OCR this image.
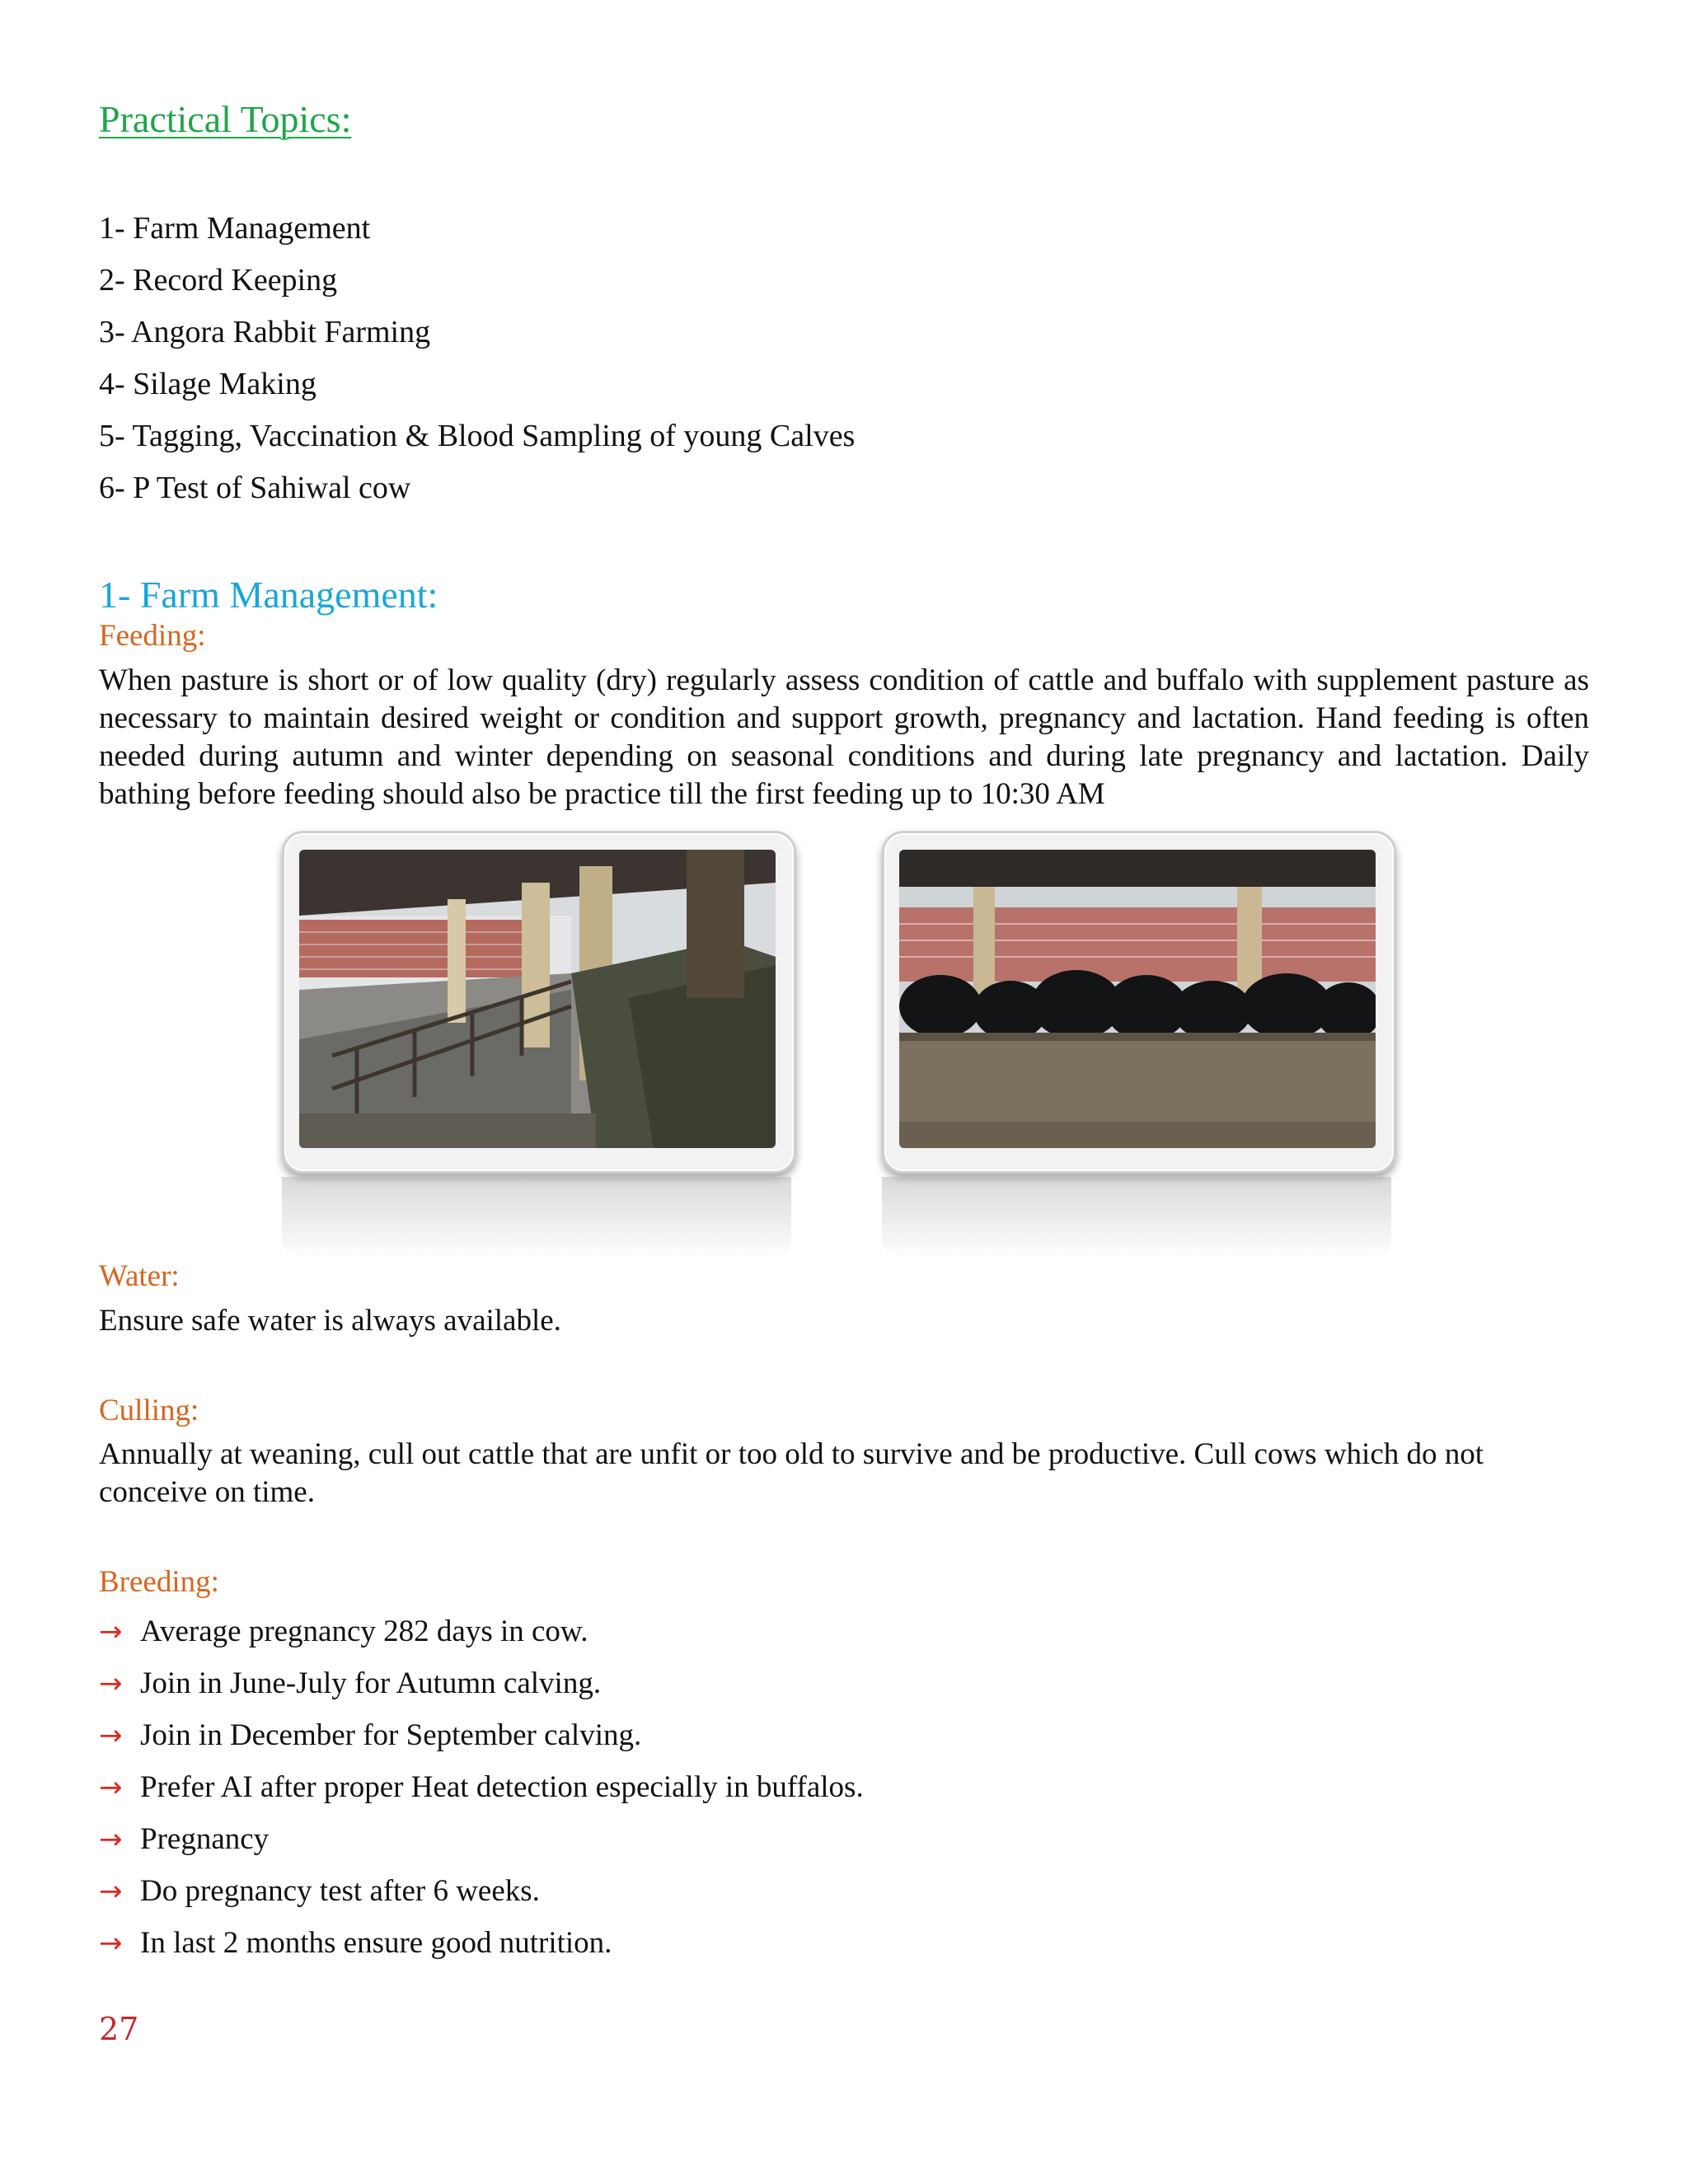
Practical Topics:
1- Farm Management
2- Record Keeping
3- Angora Rabbit Farming
4- Silage Making
5- Tagging, Vaccination & Blood Sampling of young Calves
6- P Test of Sahiwal cow
1- Farm Management:
Feeding:

When pasture is short or of low quality (dry) regularly assess condition of cattle and buffalo with supplement pasture as necessary to maintain desired weight or condition and support growth, pregnancy and lactation. Hand feeding is often needed during autumn and winter depending on seasonal conditions and during late pregnancy and lactation. Daily bathing before feeding should also be practice till the first feeding up to 10:30 AM

Water:

Ensure safe water is always available.

Culling:

Annually at weaning, cull out cattle that are unfit or too old to survive and be productive. Cull cows which do not conceive on time.

Breeding:
→ Average pregnancy 282 days in cow.
→ Join in June-July for Autumn calving.
→ Join in December for September calving.
→ Prefer AI after proper Heat detection especially in buffalos.
→ Pregnancy
→ Do pregnancy test after 6 weeks.
→ In last 2 months ensure good nutrition.
27
